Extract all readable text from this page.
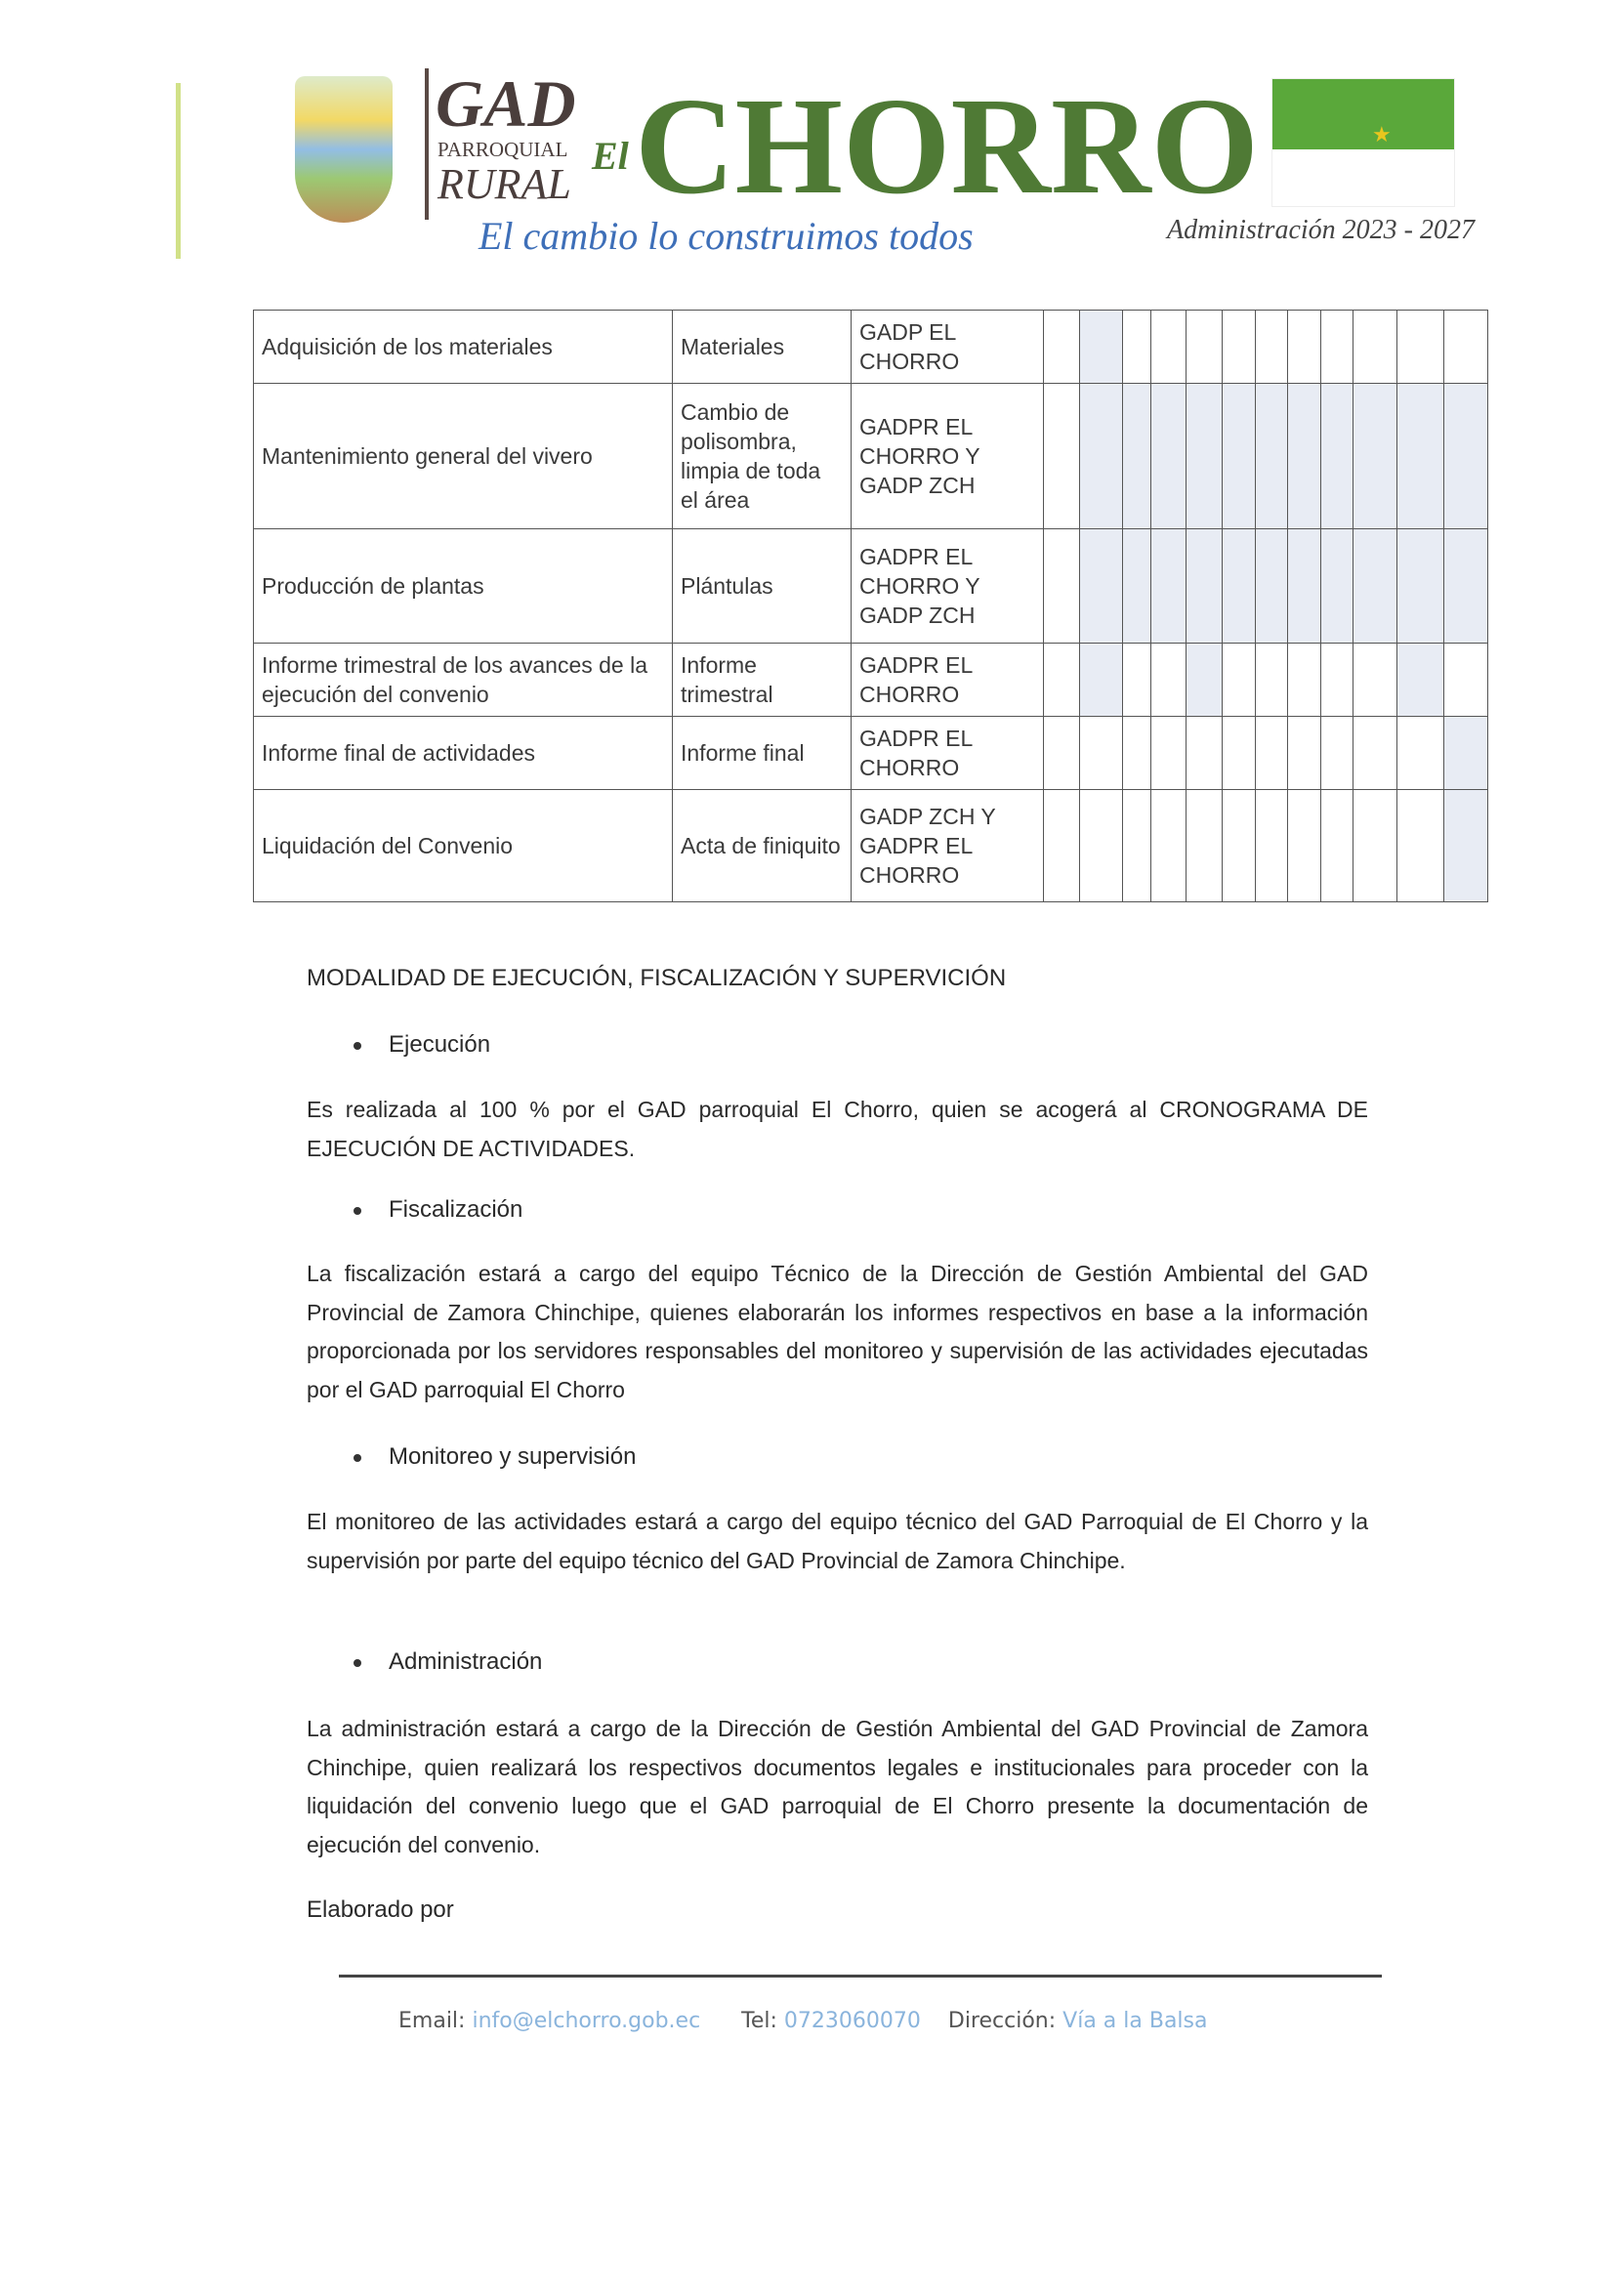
GAD
PARROQUIAL
RURAL
El CHORRO
El cambio lo construimos todos
★
Administración 2023 - 2027
Adquisición de los materiales	Materiales	GADP EL CHORRO												
Mantenimiento general del vivero	Cambio de polisombra, limpia de toda el área	GADPR EL CHORRO Y GADP ZCH												
Producción de plantas	Plántulas	GADPR EL CHORRO Y GADP ZCH												
Informe trimestral de los avances de la ejecución del convenio	Informe trimestral	GADPR EL CHORRO												
Informe final de actividades	Informe final	GADPR EL CHORRO												
Liquidación del Convenio	Acta de finiquito	GADP ZCH Y GADPR EL CHORRO												
MODALIDAD DE EJECUCIÓN, FISCALIZACIÓN Y SUPERVICIÓN
Ejecución
Es realizada al 100 % por el GAD parroquial El Chorro, quien se acogerá al CRONOGRAMA DE EJECUCIÓN DE ACTIVIDADES.
Fiscalización
La fiscalización estará a cargo del equipo Técnico de la Dirección de Gestión Ambiental del GAD Provincial de Zamora Chinchipe, quienes elaborarán los informes respectivos en base a la información proporcionada por los servidores responsables del monitoreo y supervisión de las actividades ejecutadas por el GAD parroquial El Chorro
Monitoreo y supervisión
El monitoreo de las actividades estará a cargo del equipo técnico del GAD Parroquial de El Chorro y la supervisión por parte del equipo técnico del GAD Provincial de Zamora Chinchipe.
Administración
La administración estará a cargo de la Dirección de Gestión Ambiental del GAD Provincial de Zamora Chinchipe, quien realizará los respectivos documentos legales e institucionales para proceder con la liquidación del convenio luego que el GAD parroquial de El Chorro presente la documentación de ejecución del convenio.
Elaborado por
Email: info@elchorro.gob.ec Tel: 0723060070 Dirección: Vía a la Balsa
